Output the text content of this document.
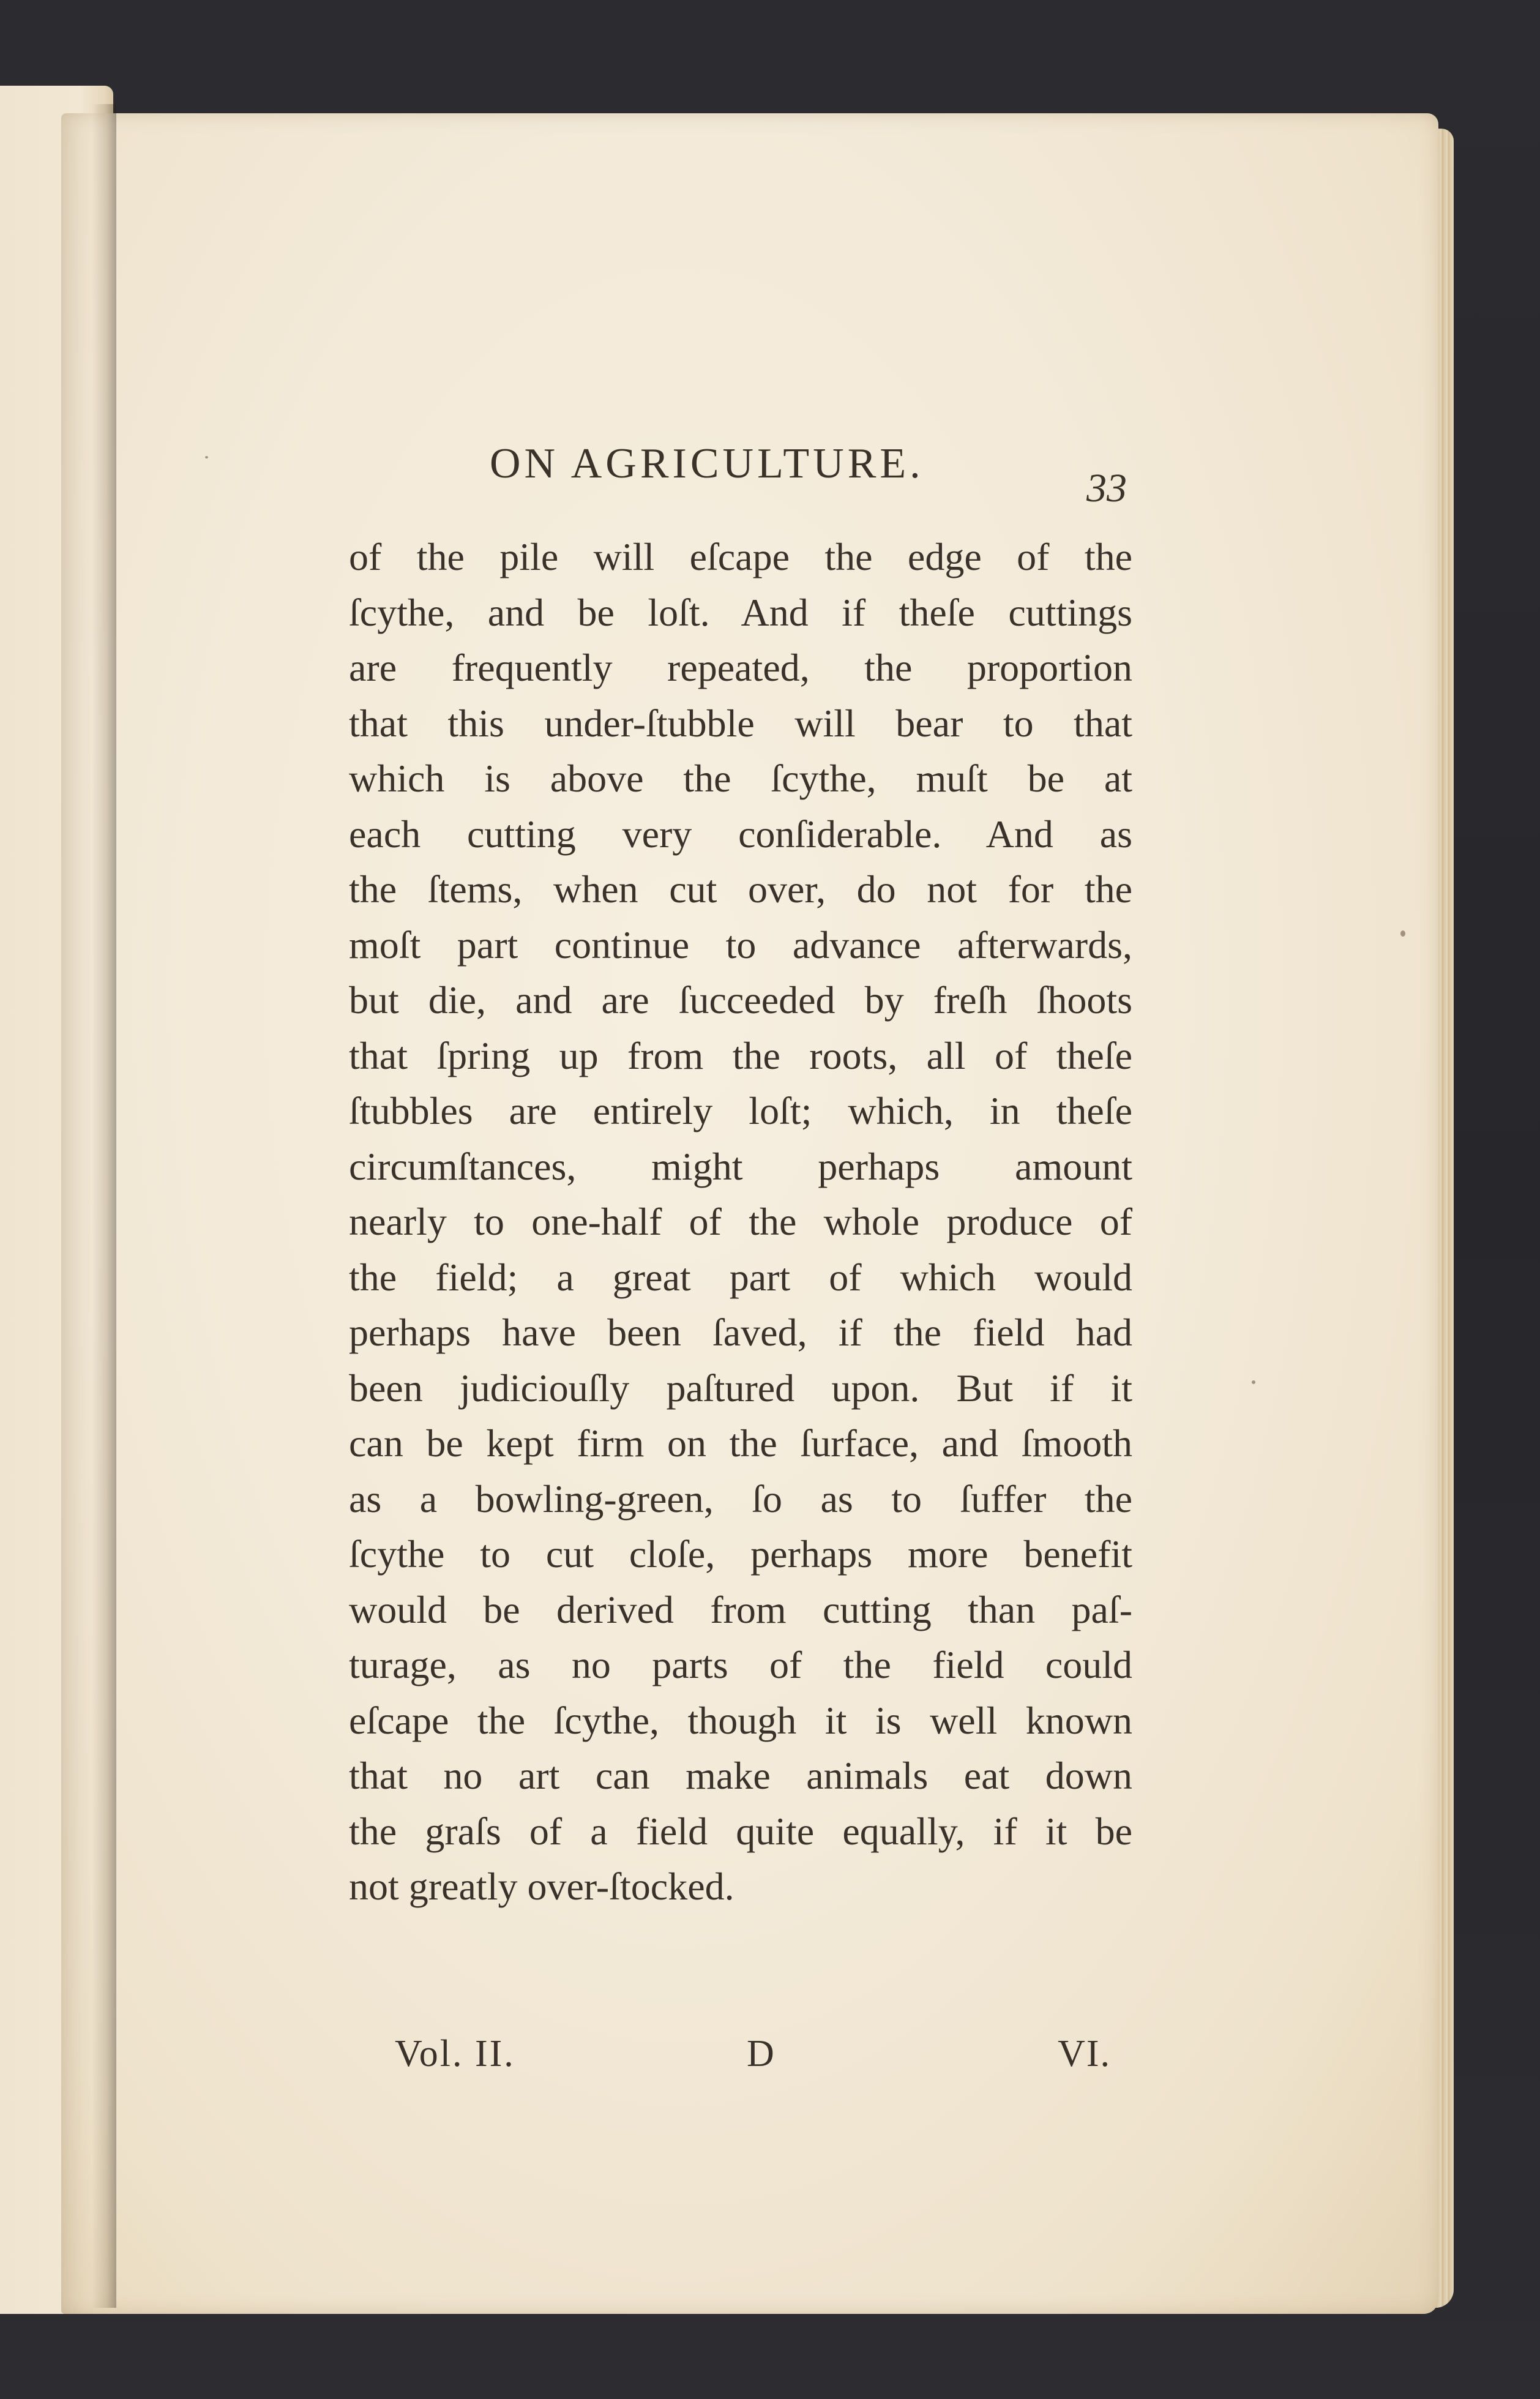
ON AGRICULTURE.
33
of the pile will eſcape the edge of the
ſcythe, and be loſt. And if theſe cuttings
are frequently repeated, the proportion
that this under-ſtubble will bear to that
which is above the ſcythe, muſt be at
each cutting very conſiderable. And as
the ſtems, when cut over, do not for the
moſt part continue to advance afterwards,
but die, and are ſucceeded by freſh ſhoots
that ſpring up from the roots, all of theſe
ſtubbles are entirely loſt; which, in theſe
circumſtances, might perhaps amount
nearly to one-half of the whole produce of
the field; a great part of which would
perhaps have been ſaved, if the field had
been judiciouſly paſtured upon. But if it
can be kept firm on the ſurface, and ſmooth
as a bowling-green, ſo as to ſuffer the
ſcythe to cut cloſe, perhaps more benefit
would be derived from cutting than paſ-
turage, as no parts of the field could
eſcape the ſcythe, though it is well known
that no art can make animals eat down
the graſs of a field quite equally, if it be
not greatly over-ſtocked.
Vol. II.	D	VI.
